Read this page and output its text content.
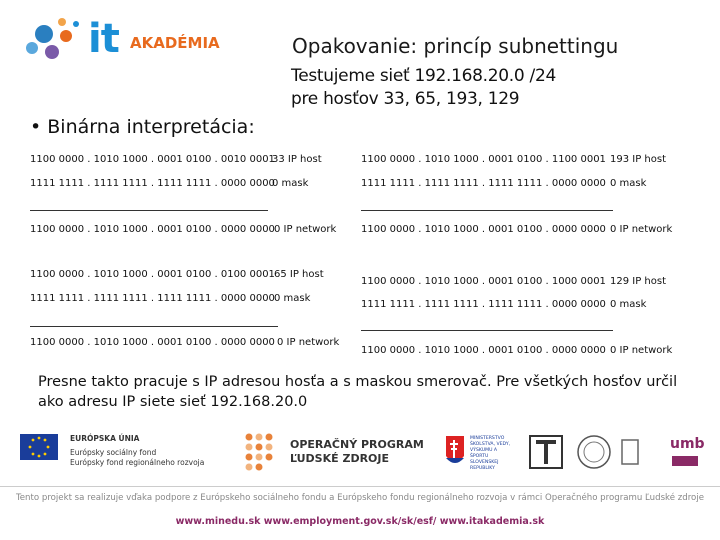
it AKADÉMIA	Opakovanie: princíp subnettingu
Testujeme sieť 192.168.20.0 /24
pre hosťov 33, 65, 193, 129
• Binárna interpretácia:
1100 0000 . 1010 1000 . 0001 0100 . 0010 0001
33 IP host
1111 1111 . 1111 1111 . 1111 1111 . 0000 0000
0 mask
1100 0000 . 1010 1000 . 0001 0100 . 0000 0000 0 IP network
1100 0000 . 1010 1000 . 0001 0100 . 1100 0001 193 IP host
1111 1111 . 1111 1111 . 1111 1111 . 0000 0000 0 mask
1100 0000 . 1010 1000 . 0001 0100 . 0000 0000 0 IP network
1100 0000 . 1010 1000 . 0001 0100 . 0100 0001 65 IP host
1111 1111 . 1111 1111 . 1111 1111 . 0000 0000 0 mask
1100 0000 . 1010 1000 . 0001 0100 . 0000 0000 0 IP network
1100 0000 . 1010 1000 . 0001 0100 . 1000 0001 129 IP host
1111 1111 . 1111 1111 . 1111 1111 . 0000 0000 0 mask
1100 0000 . 1010 1000 . 0001 0100 . 0000 0000 0 IP network
Presne takto pracuje s IP adresou hosťa a s maskou smerovač. Pre všetkých hosťov určil ako adresu IP siete sieť 192.168.20.0
EURÓPSKA ÚNIA
Európsky sociálny fond
Európsky fond regionálneho rozvoja
OPERAČNÝ PROGRAM
ĽUDSKÉ ZDROJE
MINISTERSTVO ŠKOLSTVA, VEDY, VÝSKUMU A ŠPORTU SLOVENSKEJ REPUBLIKY
umb
Tento projekt sa realizuje vďaka podpore z Európskeho sociálneho fondu a Európskeho fondu regionálneho rozvoja v rámci Operačného programu Ľudské zdroje
www.minedu.sk www.employment.gov.sk/sk/esf/ www.itakademia.sk
